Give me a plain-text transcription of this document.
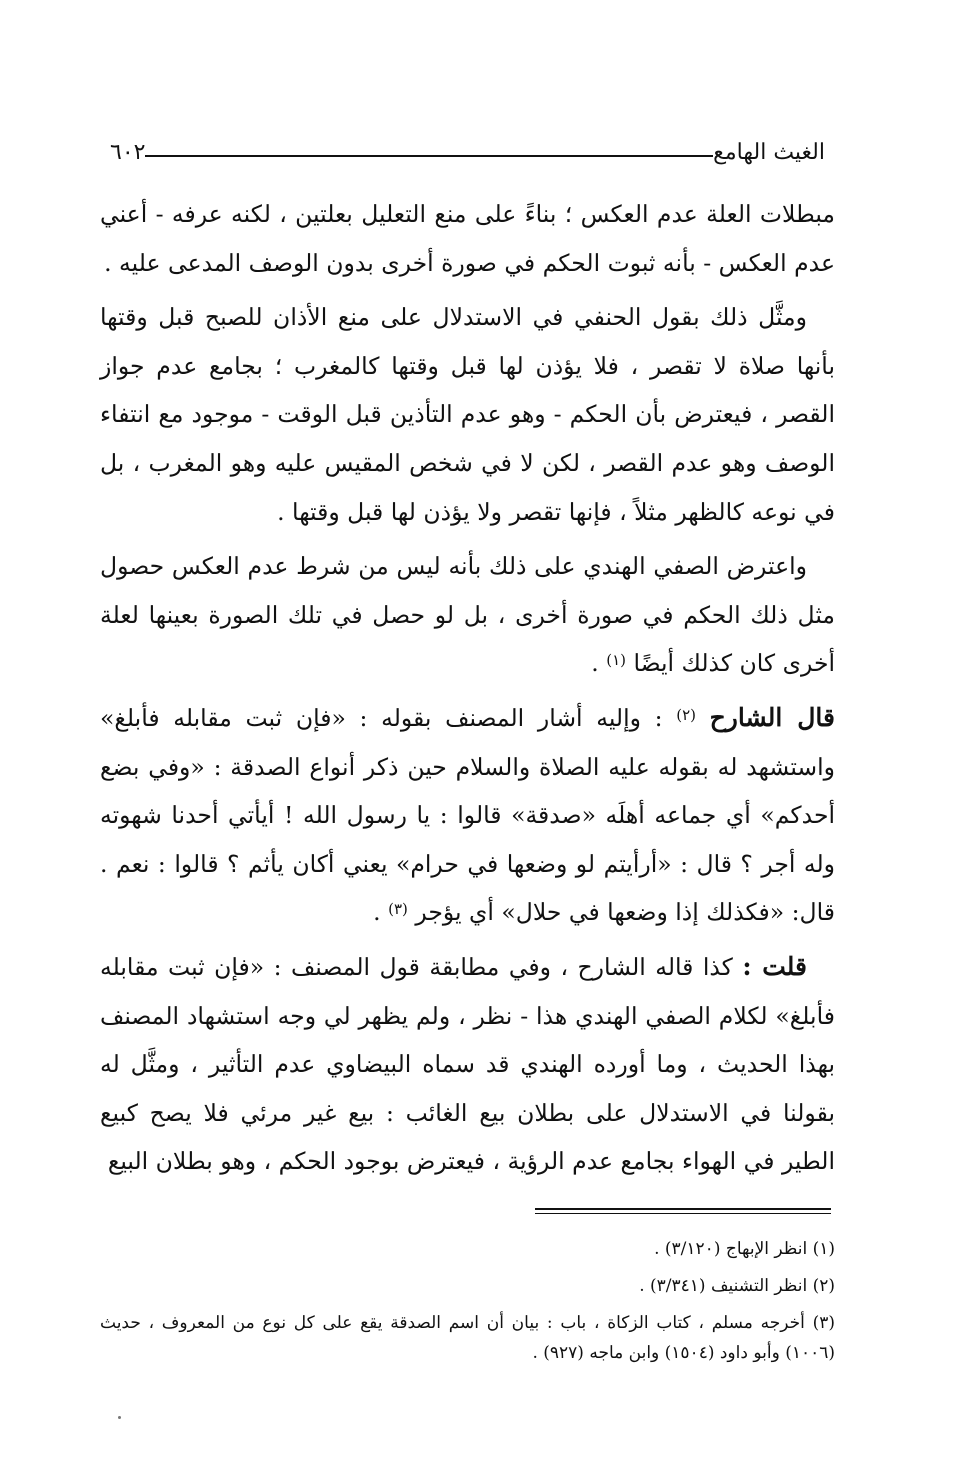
الغيث الهامع
٦٠٢

مبطلات العلة عدم العكس ؛ بناءً على منع التعليل بعلتين ، لكنه عرفه - أعني عدم العكس - بأنه ثبوت الحكم في صورة أخرى بدون الوصف المدعى عليه .

ومثَّل ذلك بقول الحنفي في الاستدلال على منع الأذان للصبح قبل وقتها بأنها صلاة لا تقصر ، فلا يؤذن لها قبل وقتها كالمغرب ؛ بجامع عدم جواز القصر ، فيعترض بأن الحكم - وهو عدم التأذين قبل الوقت - موجود مع انتفاء الوصف وهو عدم القصر ، لكن لا في شخص المقيس عليه وهو المغرب ، بل في نوعه كالظهر مثلاً ، فإنها تقصر ولا يؤذن لها قبل وقتها .

واعترض الصفي الهندي على ذلك بأنه ليس من شرط عدم العكس حصول مثل ذلك الحكم في صورة أخرى ، بل لو حصل في تلك الصورة بعينها لعلة أخرى كان كذلك أيضًا $^{(١)}$ .

قال الشارح $^{(٢)}$ : وإليه أشار المصنف بقوله : «فإن ثبت مقابله فأبلغ» واستشهد له بقوله عليه الصلاة والسلام حين ذكر أنواع الصدقة : «وفي بضع أحدكم» أي جماعه أهلَه «صدقة» قالوا : يا رسول الله ! أيأتي أحدنا شهوته وله أجر ؟ قال : «أرأيتم لو وضعها في حرام» يعني أكان يأثم ؟ قالوا : نعم . قال: «فكذلك إذا وضعها في حلال» أي يؤجر $^{(٣)}$ .

قلت : كذا قاله الشارح ، وفي مطابقة قول المصنف : «فإن ثبت مقابله فأبلغ» لكلام الصفي الهندي هذا - نظر ، ولم يظهر لي وجه استشهاد المصنف بهذا الحديث ، وما أورده الهندي قد سماه البيضاوي عدم التأثير ، ومثَّل له بقولنا في الاستدلال على بطلان بيع الغائب : بيع غير مرئي فلا يصح كبيع الطير في الهواء بجامع عدم الرؤية ، فيعترض بوجود الحكم ، وهو بطلان البيع

(١) انظر الإبهاج (٣/١٢٠) .
(٢) انظر التشنيف (٣/٣٤١) .
(٣) أخرجه مسلم ، كتاب الزكاة ، باب : بيان أن اسم الصدقة يقع على كل نوع من المعروف ، حديث (١٠٠٦) وأبو داود (١٥٠٤) وابن ماجه (٩٢٧) .
